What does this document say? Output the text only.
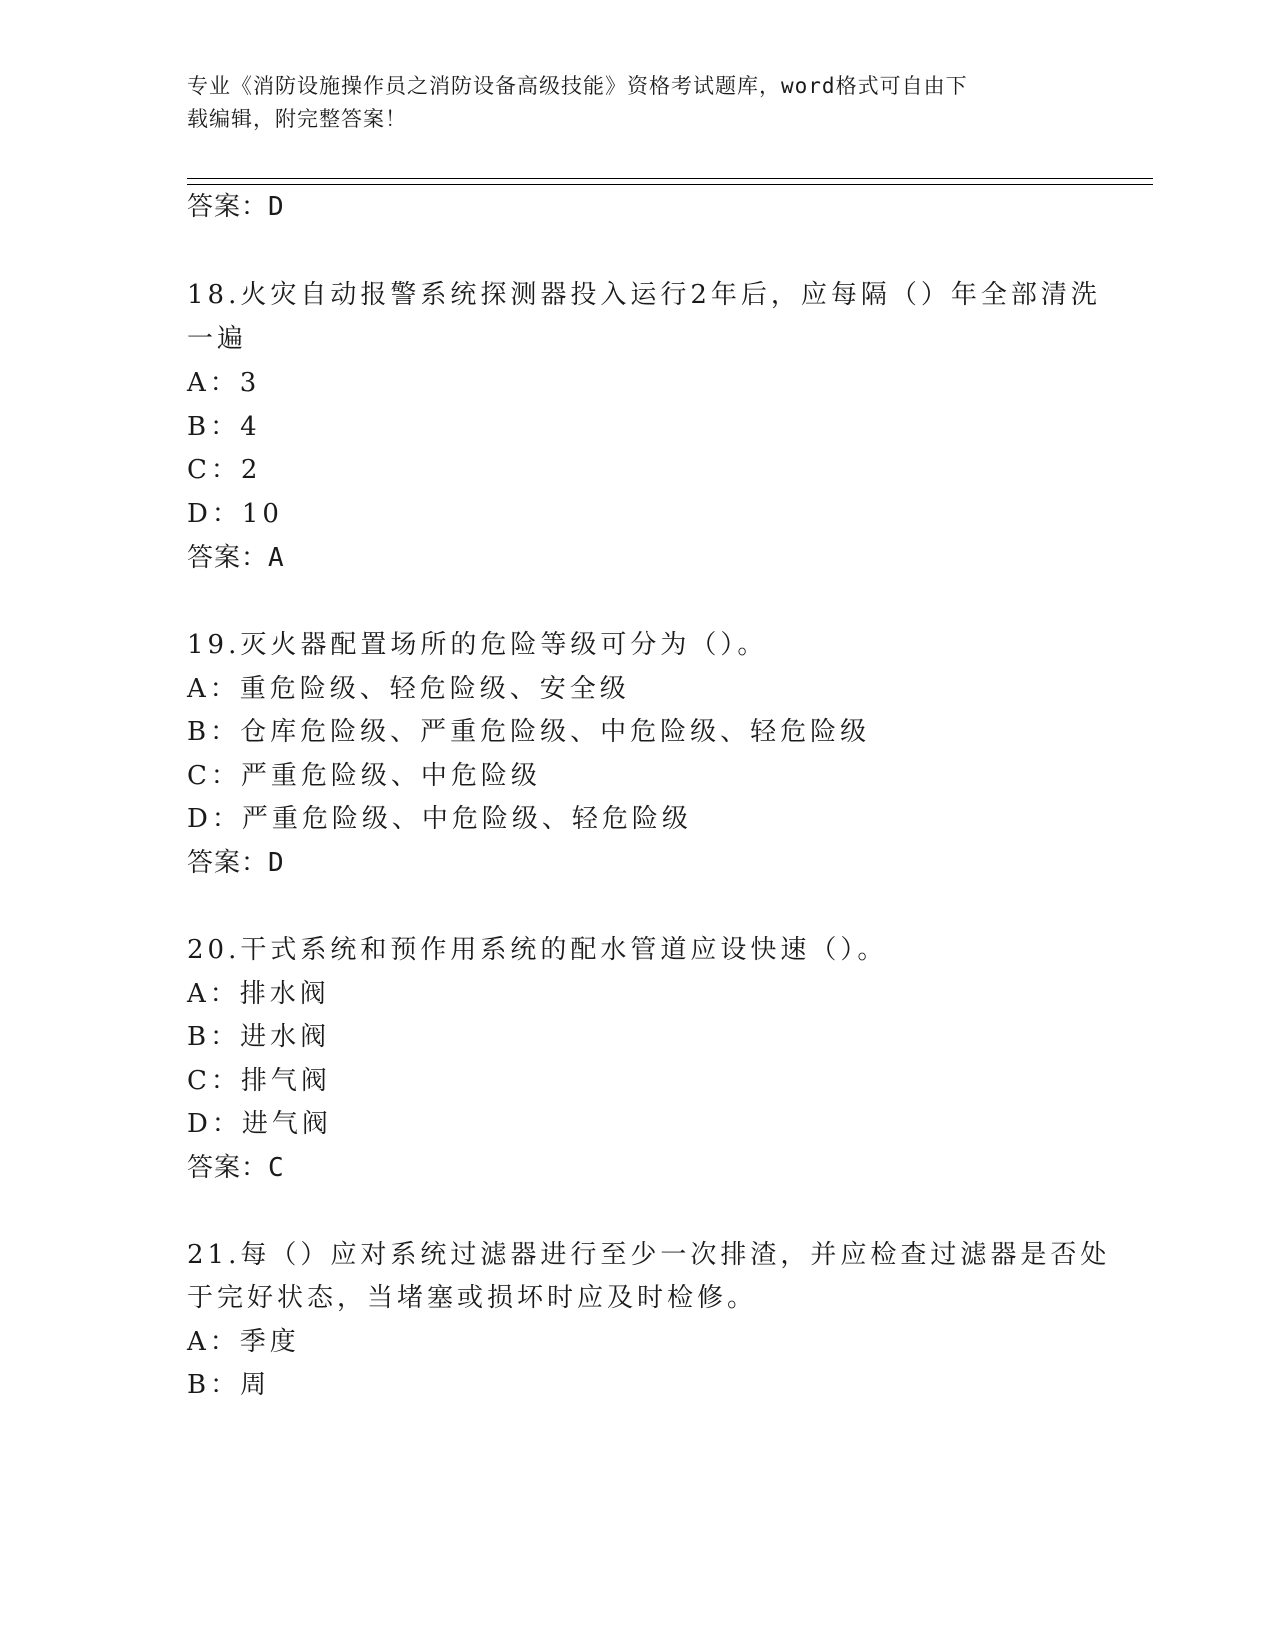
专业《消防设施操作员之消防设备高级技能》资格考试题库，word格式可自由下
载编辑，附完整答案！
答案：D
18.火灾自动报警系统探测器投入运行2年后，应每隔（）年全部清洗
一遍
A：3
B：4
C：2
D：10
答案：A
19.灭火器配置场所的危险等级可分为（）。
A：重危险级、轻危险级、安全级
B：仓库危险级、严重危险级、中危险级、轻危险级
C：严重危险级、中危险级
D：严重危险级、中危险级、轻危险级
答案：D
20.干式系统和预作用系统的配水管道应设快速（）。
A：排水阀
B：进水阀
C：排气阀
D：进气阀
答案：C
21.每（）应对系统过滤器进行至少一次排渣，并应检查过滤器是否处
于完好状态，当堵塞或损坏时应及时检修。
A：季度
B：周
